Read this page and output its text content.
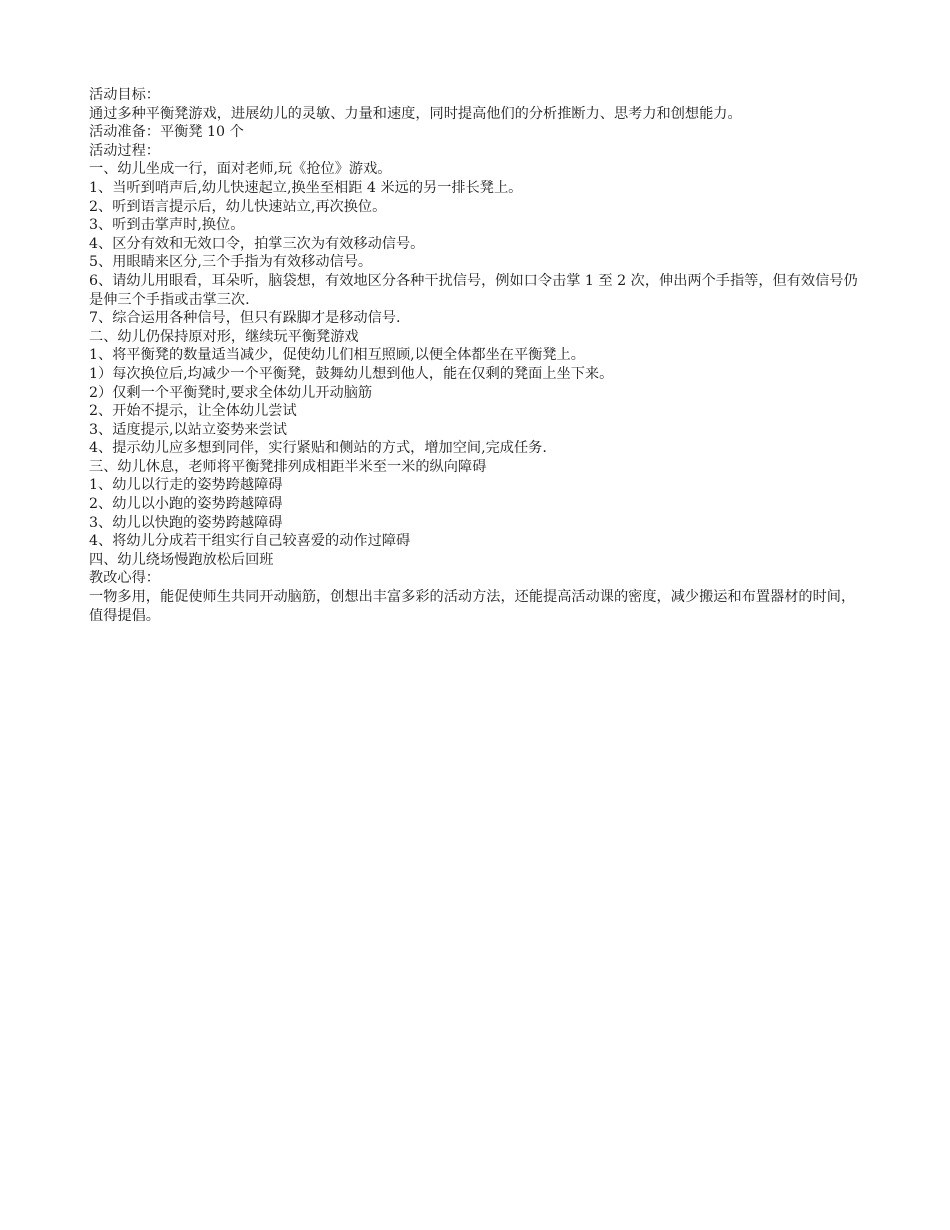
活动目标：
通过多种平衡凳游戏，进展幼儿的灵敏、力量和速度，同时提高他们的分析推断力、思考力和创想能力。
活动准备：平衡凳 10 个
活动过程：
一、幼儿坐成一行，面对老师,玩《抢位》游戏。
1、当听到哨声后,幼儿快速起立,换坐至相距 4 米远的另一排长凳上。
2、听到语言提示后，幼儿快速站立,再次换位。
3、听到击掌声时,换位。
4、区分有效和无效口令，拍掌三次为有效移动信号。
5、用眼睛来区分,三个手指为有效移动信号。
6、请幼儿用眼看，耳朵听，脑袋想，有效地区分各种干扰信号，例如口令击掌 1 至 2 次，伸出两个手指等，但有效信号仍是伸三个手指或击掌三次.
7、综合运用各种信号，但只有跺脚才是移动信号.
二、幼儿仍保持原对形，继续玩平衡凳游戏
1、将平衡凳的数量适当减少，促使幼儿们相互照顾,以便全体都坐在平衡凳上。
1）每次换位后,均减少一个平衡凳，鼓舞幼儿想到他人，能在仅剩的凳面上坐下来。
2）仅剩一个平衡凳时,要求全体幼儿开动脑筋
2、开始不提示，让全体幼儿尝试
3、适度提示,以站立姿势来尝试
4、提示幼儿应多想到同伴，实行紧贴和侧站的方式，增加空间,完成任务.
三、幼儿休息，老师将平衡凳排列成相距半米至一米的纵向障碍
1、幼儿以行走的姿势跨越障碍
2、幼儿以小跑的姿势跨越障碍
3、幼儿以快跑的姿势跨越障碍
4、将幼儿分成若干组实行自己较喜爱的动作过障碍
四、幼儿绕场慢跑放松后回班
教改心得：
一物多用，能促使师生共同开动脑筋，创想出丰富多彩的活动方法，还能提高活动课的密度，减少搬运和布置器材的时间，值得提倡。
